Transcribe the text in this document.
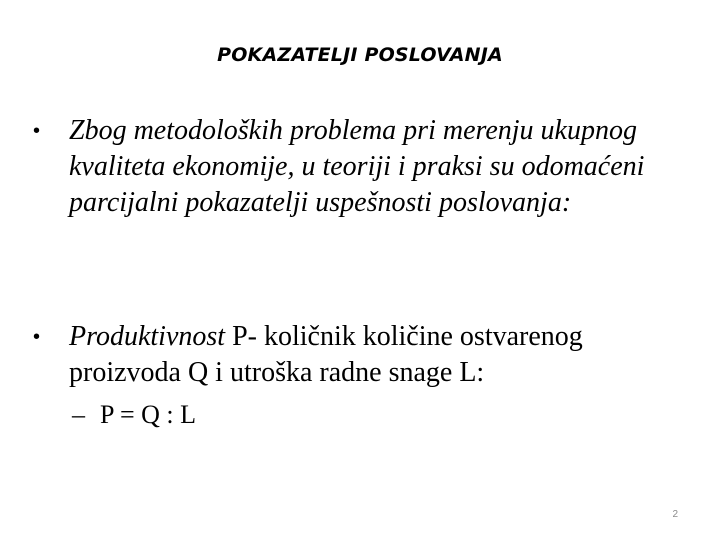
POKAZATELJI POSLOVANJA
• Zbog metodoloških problema pri merenju ukupnog kvaliteta ekonomije, u teoriji i praksi su odomaćeni parcijalni pokazatelji uspešnosti poslovanja:
• Produktivnost P- količnik količine ostvarenog proizvoda Q i utroška radne snage L:
– P = Q : L
2
